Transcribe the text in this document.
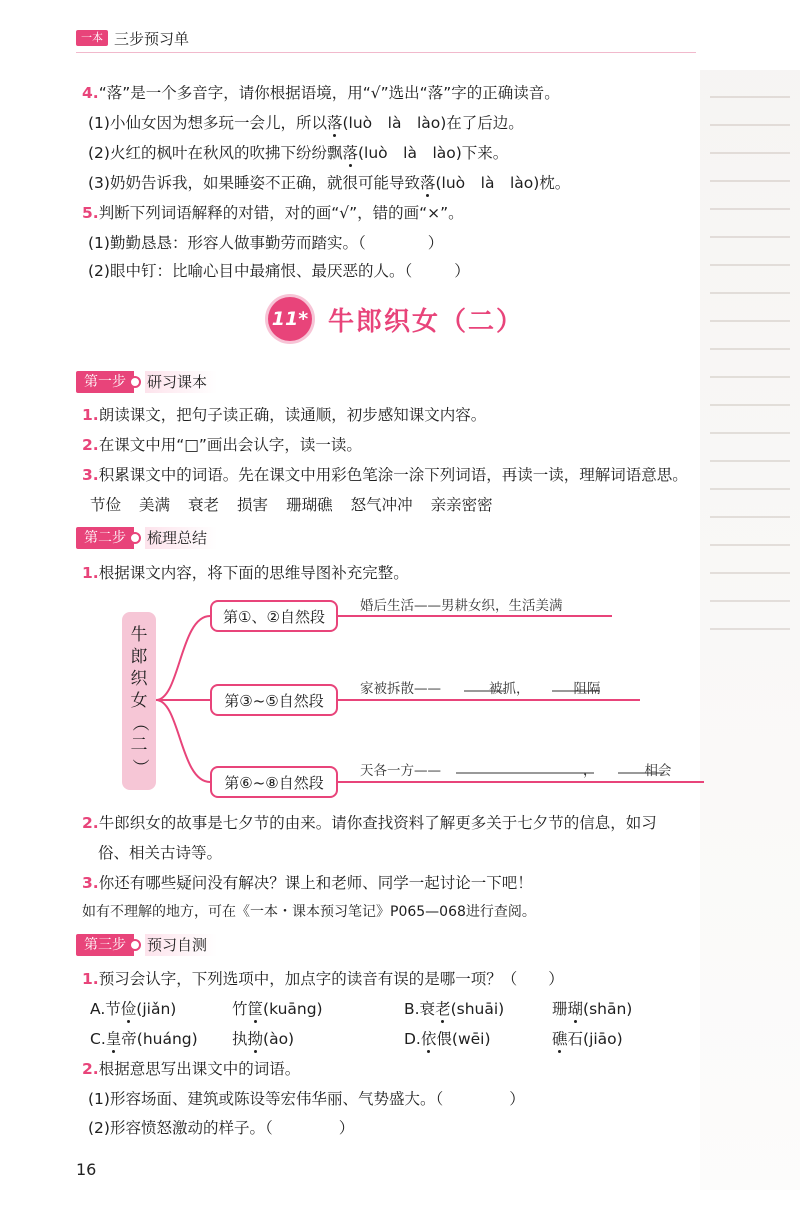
一本 三步预习单
4.“落”是一个多音字，请你根据语境，用“√”选出“落”字的正确读音。
(1)小仙女因为想多玩一会儿，所以落(luò　là　lào)在了后边。
(2)火红的枫叶在秋风的吹拂下纷纷飘落(luò　là　lào)下来。
(3)奶奶告诉我，如果睡姿不正确，就很可能导致落(luò　là　lào)枕。
5.判断下列词语解释的对错，对的画“√”，错的画“×”。
(1)勤勤恳恳：形容人做事勤劳而踏实。（	）
(2)眼中钉：比喻心目中最痛恨、最厌恶的人。（	）
11* 牛郎织女（二）
第一步	研习课本
1.朗读课文，把句子读正确，读通顺，初步感知课文内容。
2.在课文中用“□”画出会认字，读一读。
3.积累课文中的词语。先在课文中用彩色笔涂一涂下列词语，再读一读，理解词语意思。
节俭 美满 衰老 损害 珊瑚礁 怒气冲冲 亲亲密密
第二步	梳理总结
1.根据课文内容，将下面的思维导图补充完整。
牛
郎
织
女
（
二
）
第①、②自然段
第③~⑤自然段
第⑥~⑧自然段
婚后生活——男耕女织，生活美满
家被拆散——	被抓，	阻隔
天各一方——	，	相会
2.牛郎织女的故事是七夕节的由来。请你查找资料了解更多关于七夕节的信息，如习
俗、相关古诗等。
3.你还有哪些疑问没有解决？课上和老师、同学一起讨论一下吧！
如有不理解的地方，可在《一本・课本预习笔记》P065—068进行查阅。
第三步	预习自测
1.预习会认字，下列选项中，加点字的读音有误的是哪一项？（　　）
A.节俭(jiǎn)	竹筐(kuāng)	B.衰老(shuāi)	珊瑚(shān)
C.皇帝(huáng) 执拗(ào)	D.依偎(wēi)	礁石(jiāo)
2.根据意思写出课文中的词语。
(1)形容场面、建筑或陈设等宏伟华丽、气势盛大。（	）
(2)形容愤怒激动的样子。（	）
16
